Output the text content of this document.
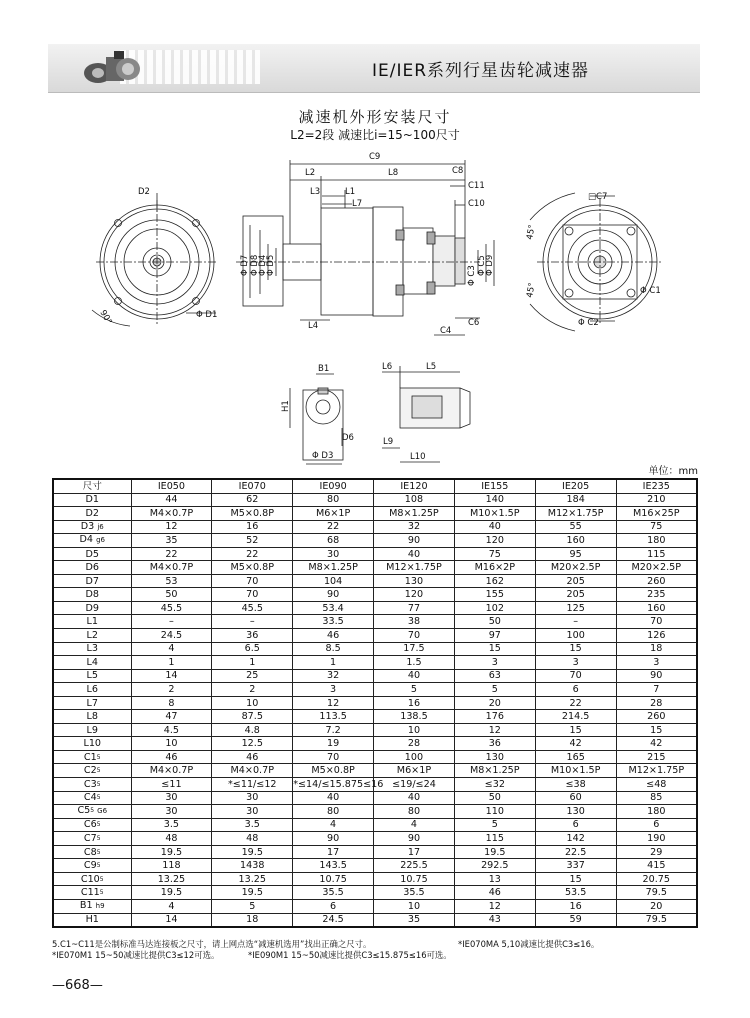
IE/IER系列行星齿轮减速器
减速机外形安装尺寸
L2=2段 减速比i=15~100尺寸
C9
L2	L8	C8
L3	L1
C11
L7	C10
D2	□C7
L4	C4
C6
Φ D1
Φ C1
Φ C2
90°
45°
45°
Φ D7 Φ D8
Φ D4
Φ D5	Φ C3 Φ C5
Φ D9
H1
B1
D6
Φ D3
L6	L5
L9
L10
单位：mm
尺寸	IE050	IE070	IE090	IE120	IE155	IE205	IE235
D1	44	62	80	108	140	184	210
D2	M4×0.7P	M5×0.8P	M6×1P	M8×1.25P	M10×1.5P	M12×1.75P	M16×25P
D3 j6	12	16	22	32	40	55	75
D4 g6	35	52	68	90	120	160	180
D5	22	22	30	40	75	95	115
D6	M4×0.7P	M5×0.8P	M8×1.25P	M12×1.75P	M16×2P	M20×2.5P	M20×2.5P
D7	53	70	104	130	162	205	260
D8	50	70	90	120	155	205	235
D9	45.5	45.5	53.4	77	102	125	160
L1	–	–	33.5	38	50	–	70
L2	24.5	36	46	70	97	100	126
L3	4	6.5	8.5	17.5	15	15	18
L4	1	1	1	1.5	3	3	3
L5	14	25	32	40	63	70	90
L6	2	2	3	5	5	6	7
L7	8	10	12	16	20	22	28
L8	47	87.5	113.5	138.5	176	214.5	260
L9	4.5	4.8	7.2	10	12	15	15
L10	10	12.5	19	28	36	42	42
$C1^5$	46	46	70	100	130	165	215
$C2^5$	M4×0.7P	M4×0.7P	M5×0.8P	M6×1P	M8×1.25P	M10×1.5P	M12×1.75P
$C3^5$	≤11	*≤11/≤12	*≤14/≤15.875≤16	≤19/≤24	≤32	≤38	≤48
$C4^5$	30	30	40	40	50	60	85
$C5^5$ G6	30	30	80	80	110	130	180
$C6^5$	3.5	3.5	4	4	5	6	6
$C7^5$	48	48	90	90	115	142	190
$C8^5$	19.5	19.5	17	17	19.5	22.5	29
$C9^5$	118	1438	143.5	225.5	292.5	337	415
$C10^5$	13.25	13.25	10.75	10.75	13	15	20.75
$C11^5$	19.5	19.5	35.5	35.5	46	53.5	79.5
B1 h9	4	5	6	10	12	16	20
H1	14	18	24.5	35	43	59	79.5
5.C1~C11是公制标准马达连接板之尺寸，请上网点选“减速机选用”找出正确之尺寸。	*IE070MA 5,10减速比提供C3≤16。
*IE070M1 15~50减速比提供C3≤12可选。	*IE090M1 15~50减速比提供C3≤15.875≤16可选。
—668—
